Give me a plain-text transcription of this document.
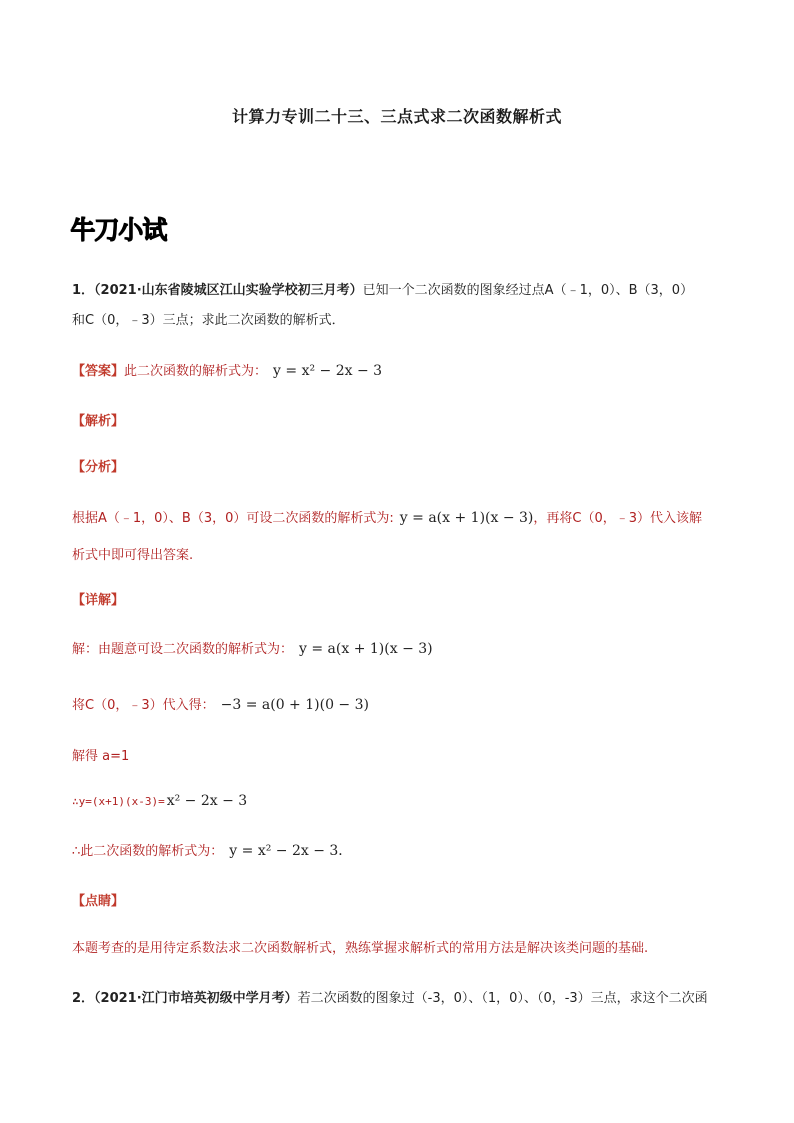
计算力专训二十三、三点式求二次函数解析式
牛刀小试
1．（2021·山东省陵城区江山实验学校初三月考）已知一个二次函数的图象经过点A（﹣1，0）、B（3，0）
和C（0，﹣3）三点；求此二次函数的解析式．
【答案】此二次函数的解析式为： y = x² − 2x − 3
【解析】
【分析】
根据A（﹣1，0）、B（3，0）可设二次函数的解析式为: y = a(x + 1)(x − 3)，再将C（0，﹣3）代入该解
析式中即可得出答案.
【详解】
解：由题意可设二次函数的解析式为： y = a(x + 1)(x − 3)
将C（0，﹣3）代入得： −3 = a(0 + 1)(0 − 3)
解得 a=1
∴y=(x+1)(x-3)= x² − 2x − 3
∴此二次函数的解析式为： y = x² − 2x − 3．
【点睛】
本题考查的是用待定系数法求二次函数解析式，熟练掌握求解析式的常用方法是解决该类问题的基础.
2．（2021·江门市培英初级中学月考）若二次函数的图象过（-3，0）、（1，0）、（0，-3）三点，求这个二次函
